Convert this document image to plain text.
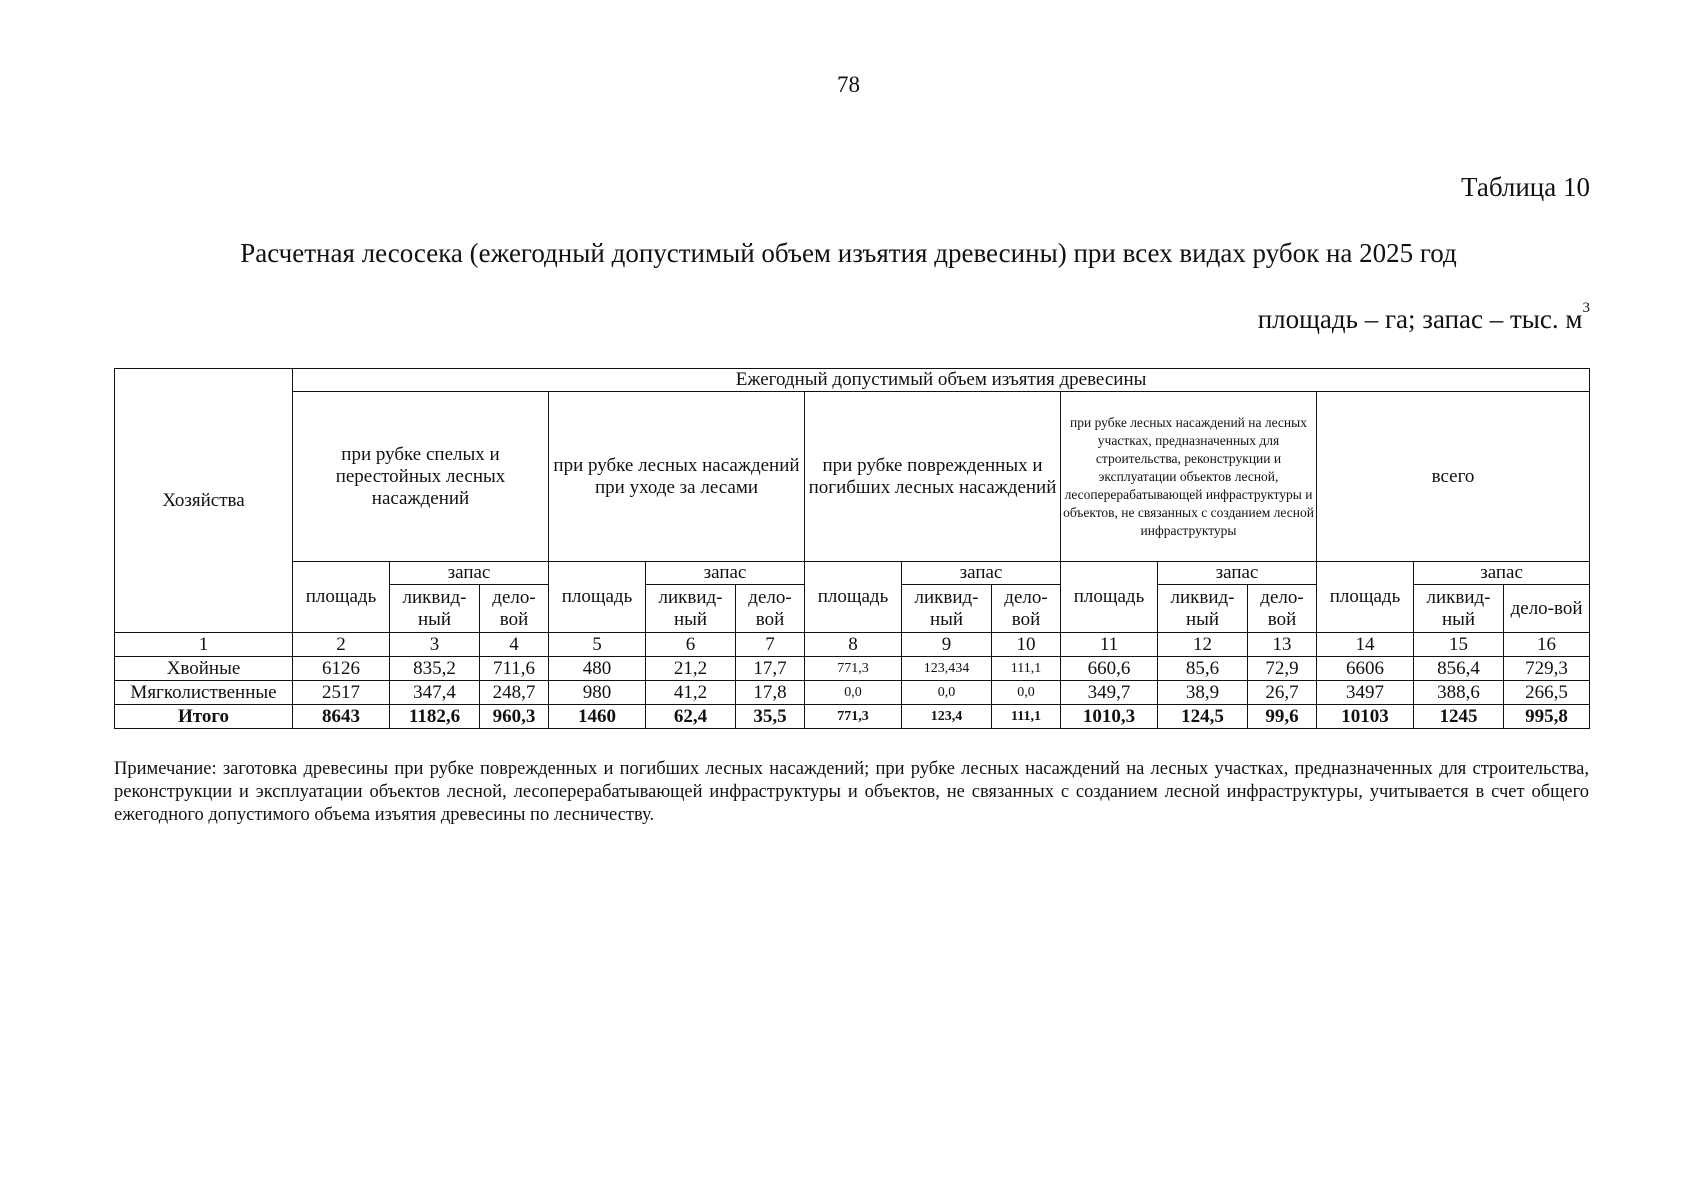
78
Таблица 10
Расчетная лесосека (ежегодный допустимый объем изъятия древесины) при всех видах рубок на 2025 год
площадь – га; запас – тыс. $м^3$
Хозяйства	Ежегодный допустимый объем изъятия древесины														
	при рубке спелых и перестойных лесных насаждений			при рубке лесных насаждений при уходе за лесами			при рубке поврежденных и погибших лесных насаждений			при рубке лесных насаждений на лесных участках, предназначенных для строительства, реконструкции и эксплуатации объектов лесной, лесоперерабатывающей инфраструктуры и объектов, не связанных с созданием лесной инфраструктуры			всего		
	площадь	запас		площадь	запас		площадь	запас		площадь	запас		площадь	запас	
		ликвид-ный	дело-вой		ликвид-ный	дело-вой		ликвид-ный	дело-вой		ликвид-ный	дело-вой		ликвид-ный	дело-вой

1	2	3	4	5	6	7	8	9	10	11	12	13	14	15	16
Хвойные	6126	835,2	711,6	480	21,2	17,7	771,3	123,434	111,1	660,6	85,6	72,9	6606	856,4	729,3
Мягколиственные	2517	347,4	248,7	980	41,2	17,8	0,0	0,0	0,0	349,7	38,9	26,7	3497	388,6	266,5
Итого	8643	1182,6	960,3	1460	62,4	35,5	771,3	123,4	111,1	1010,3	124,5	99,6	10103	1245	995,8
Примечание: заготовка древесины при рубке поврежденных и погибших лесных насаждений; при рубке лесных насаждений на лесных участках, предназначенных для строительства, реконструкции и эксплуатации объектов лесной, лесоперерабатывающей инфраструктуры и объектов, не связанных с созданием лесной инфраструктуры, учитывается в счет общего ежегодного допустимого объема изъятия древесины по лесничеству.
